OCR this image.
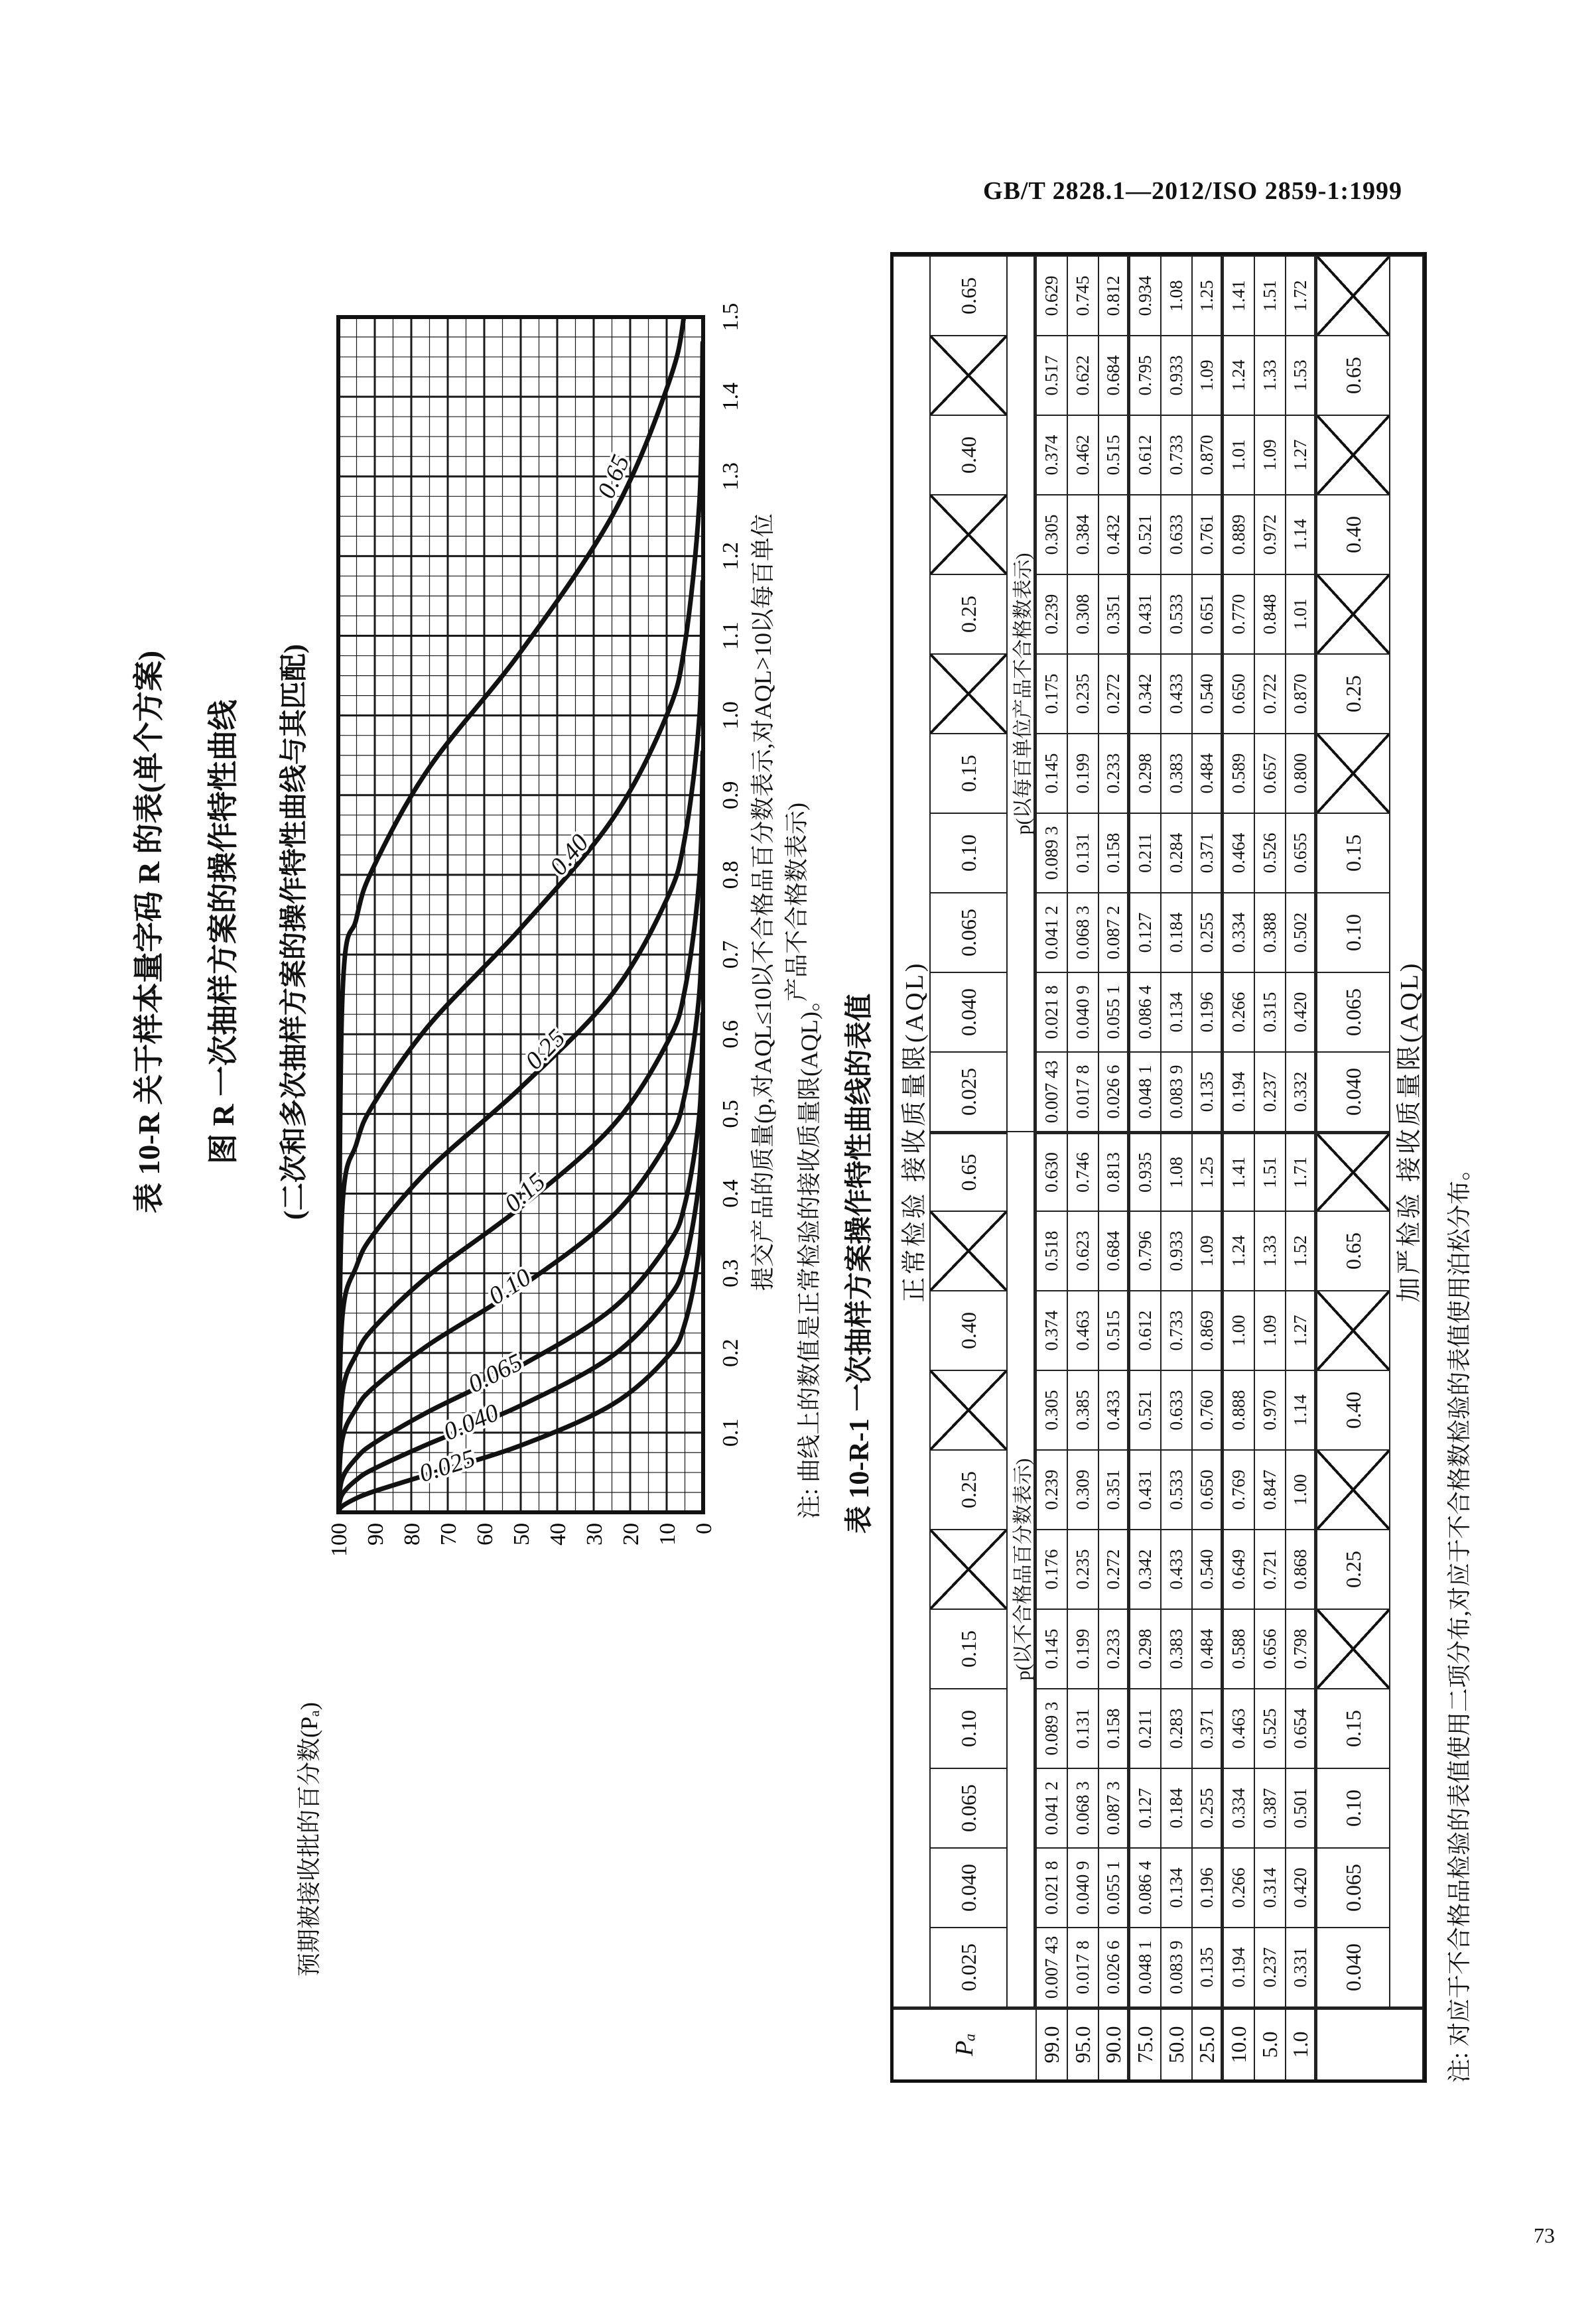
GB/T 2828.1—2012/ISO 2859-1:1999
73
表 10-R 关于样本量字码 R 的表(单个方案) 图 R 一次抽样方案的操作特性曲线 (二次和多次抽样方案的操作特性曲线与其匹配)
预期被接收批的百分数(Pₐ)
0.1
0.2
0.3
0.4
0.5
0.6
0.7
0.8
0.9
1.0
1.1
1.2
1.3
1.4
1.5
100 90 80 70 60 50 40 30 20 10 0
0.025
0.040
0.065
0.10
0.15
0.25
0.40
0.65
提交产品的质量(p,对AQL≤10以不合格品百分数表示,对AQL>10以每百单位产品不合格数表示)
注: 曲线上的数值是正常检验的接收质量限(AQL)。 表 10-R-1 一次抽样方案操作特性曲线的表值
Pₐ
正常检验 接收质量限(AQL)
0.025
0.040
0.065
0.10
0.15
0.25
0.40
0.65
0.025
0.040
0.065
0.10
0.15
0.25
0.40
0.65
p(以不合格品百分数表示)
p(以每百单位产品不合格数表示)
99.0
0.007 43
0.021 8
0.041 2
0.089 3
0.145
0.176
0.239
0.305
0.374
0.518
0.630
0.007 43
0.021 8
0.041 2
0.089 3
0.145
0.175
0.239
0.305
0.374
0.517
0.629
95.0
0.017 8
0.040 9
0.068 3
0.131
0.199
0.235
0.309
0.385
0.463
0.623
0.746
0.017 8
0.040 9
0.068 3
0.131
0.199
0.235
0.308
0.384
0.462
0.622
0.745
90.0
0.026 6
0.055 1
0.087 3
0.158
0.233
0.272
0.351
0.433
0.515
0.684
0.813
0.026 6
0.055 1
0.087 2
0.158
0.233
0.272
0.351
0.432
0.515
0.684
0.812
75.0
0.048 1
0.086 4
0.127
0.211
0.298
0.342
0.431
0.521
0.612
0.796
0.935
0.048 1
0.086 4
0.127
0.211
0.298
0.342
0.431
0.521
0.612
0.795
0.934
50.0
0.083 9
0.134
0.184
0.283
0.383
0.433
0.533
0.633
0.733
0.933
1.08
0.083 9
0.134
0.184
0.284
0.383
0.433
0.533
0.633
0.733
0.933
1.08
25.0
0.135
0.196
0.255
0.371
0.484
0.540
0.650
0.760
0.869
1.09
1.25
0.135
0.196
0.255
0.371
0.484
0.540
0.651
0.761
0.870
1.09
1.25
10.0
0.194
0.266
0.334
0.463
0.588
0.649
0.769
0.888
1.00
1.24
1.41
0.194
0.266
0.334
0.464
0.589
0.650
0.770
0.889
1.01
1.24
1.41
5.0
0.237
0.314
0.387
0.525
0.656
0.721
0.847
0.970
1.09
1.33
1.51
0.237
0.315
0.388
0.526
0.657
0.722
0.848
0.972
1.09
1.33
1.51
1.0
0.331
0.420
0.501
0.654
0.798
0.868
1.00
1.14
1.27
1.52
1.71
0.332
0.420
0.502
0.655
0.800
0.870
1.01
1.14
1.27
1.53
1.72
0.040
0.065
0.10
0.15
0.25
0.40
0.65
0.040
0.065
0.10
0.15
0.25
0.40
0.65
加严检验 接收质量限(AQL)
注: 对应于不合格品检验的表值使用二项分布,对应于不合格数检验的表值使用泊松分布。
